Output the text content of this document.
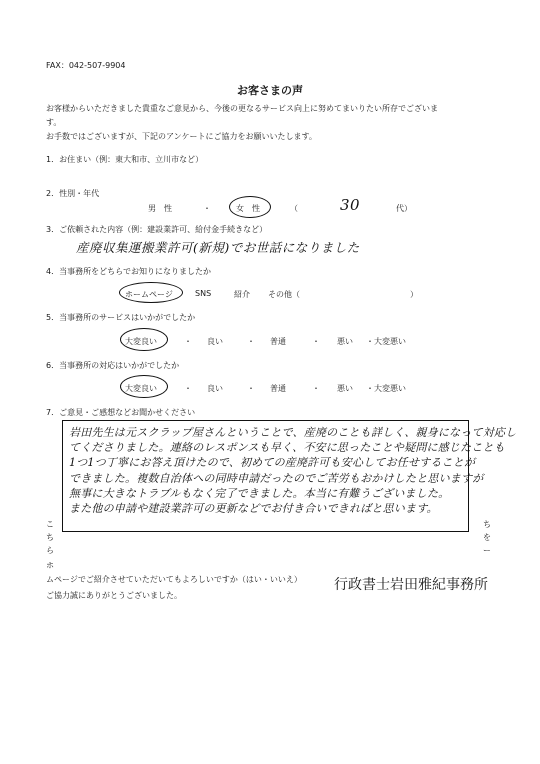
FAX：042-507-9904
お客さまの声
お客様からいただきました貴重なご意見から、今後の更なるサービス向上に努めてまいりたい所存でございま
す。
お手数ではございますが、下記のアンケートにご協力をお願いいたします。
1．お住まい（例：東大和市、立川市など）
2．性別・年代
男　性	・	女　性	（	30	代）
3．ご依頼された内容（例：建設業許可、給付金手続きなど）
産廃収集運搬業許可(新規)でお世話になりました
4．当事務所をどちらでお知りになりましたか
ホームページ	SNS	紹介 その他（	）
5．当事務所のサービスはいかがでしたか
大変良い	・ 良い	・ 普通	・ 悪い ・ 大変悪い
6．当事務所の対応はいかがでしたか
大変良い	・ 良い	・ 普通	・ 悪い ・ 大変悪い
7．ご意見・ご感想などお聞かせください
岩田先生は元スクラップ屋さんということで、産廃のことも詳しく、親身になって対応し
てくださりました。連絡のレスポンスも早く、不安に思ったことや疑問に感じたことも
1つ1つ丁寧にお答え頂けたので、初めての産廃許可も安心してお任せすることが
できました。複数自治体への同時申請だったのでご苦労もおかけしたと思いますが
無事に大きなトラブルもなく完了できました。本当に有難うございました。
また他の申請や建設業許可の更新などでお付き合いできればと思います。
こ
ち
ら
ホ
ち
を
ー
ムページでご紹介させていただいてもよろしいですか（はい・いいえ）
ご協力誠にありがとうございました。
行政書士岩田雅紀事務所
